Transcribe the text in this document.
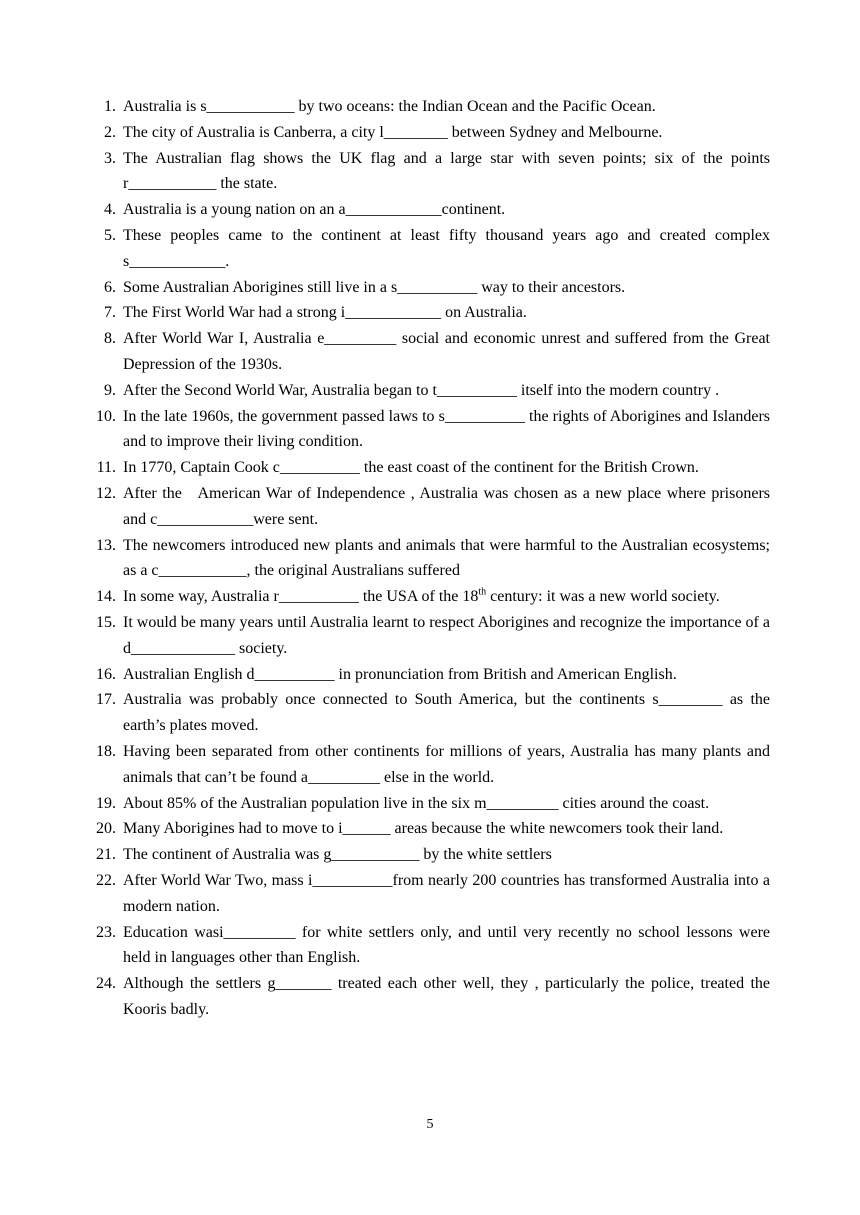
1 . Australia is s___________ by two oceans: the Indian Ocean and the Pacific Ocean.
2 . The city of Australia is Canberra, a city l________ between Sydney and Melbourne.
3 . The Australian flag shows the UK flag and a large star with seven points; six of the points r___________ the state.
4 . Australia is a young nation on an a____________continent.
5 . These peoples came to the continent at least fifty thousand years ago and created complex s____________.
6 . Some Australian Aborigines still live in a s__________ way to their ancestors.
7 . The First World War had a strong i____________ on Australia.
8 . After World War I, Australia e_________ social and economic unrest and suffered from the Great Depression of the 1930s.
9 . After the Second World War, Australia began to t__________ itself into the modern country .
10 . In the late 1960s, the government passed laws to s__________ the rights of Aborigines and Islanders and to improve their living condition.
11 . In 1770, Captain Cook c__________ the east coast of the continent for the British Crown.
12 . After the   American War of Independence , Australia was chosen as a new place where prisoners and c____________were sent.
13 . The newcomers introduced new plants and animals that were harmful to the Australian ecosystems; as a c___________, the original Australians suffered
14 . In some way, Australia r__________ the USA of the 18th century: it was a new world society.
15 . It would be many years until Australia learnt to respect Aborigines and recognize the importance of a d_____________ society.
16 . Australian English d__________ in pronunciation from British and American English.
17 . Australia was probably once connected to South America, but the continents s________ as the earth’s plates moved.
18 . Having been separated from other continents for millions of years, Australia has many plants and animals that can’t be found a_________ else in the world.
19 . About 85% of the Australian population live in the six m_________ cities around the coast.
20 . Many Aborigines had to move to i______ areas because the white newcomers took their land.
21 . The continent of Australia was g___________ by the white settlers
22 . After World War Two, mass i__________from nearly 200 countries has transformed Australia into a modern nation.
23 . Education wasi_________ for white settlers only, and until very recently no school lessons were held in languages other than English.
24 . Although the settlers g_______ treated each other well, they , particularly the police, treated the Kooris badly.
5
